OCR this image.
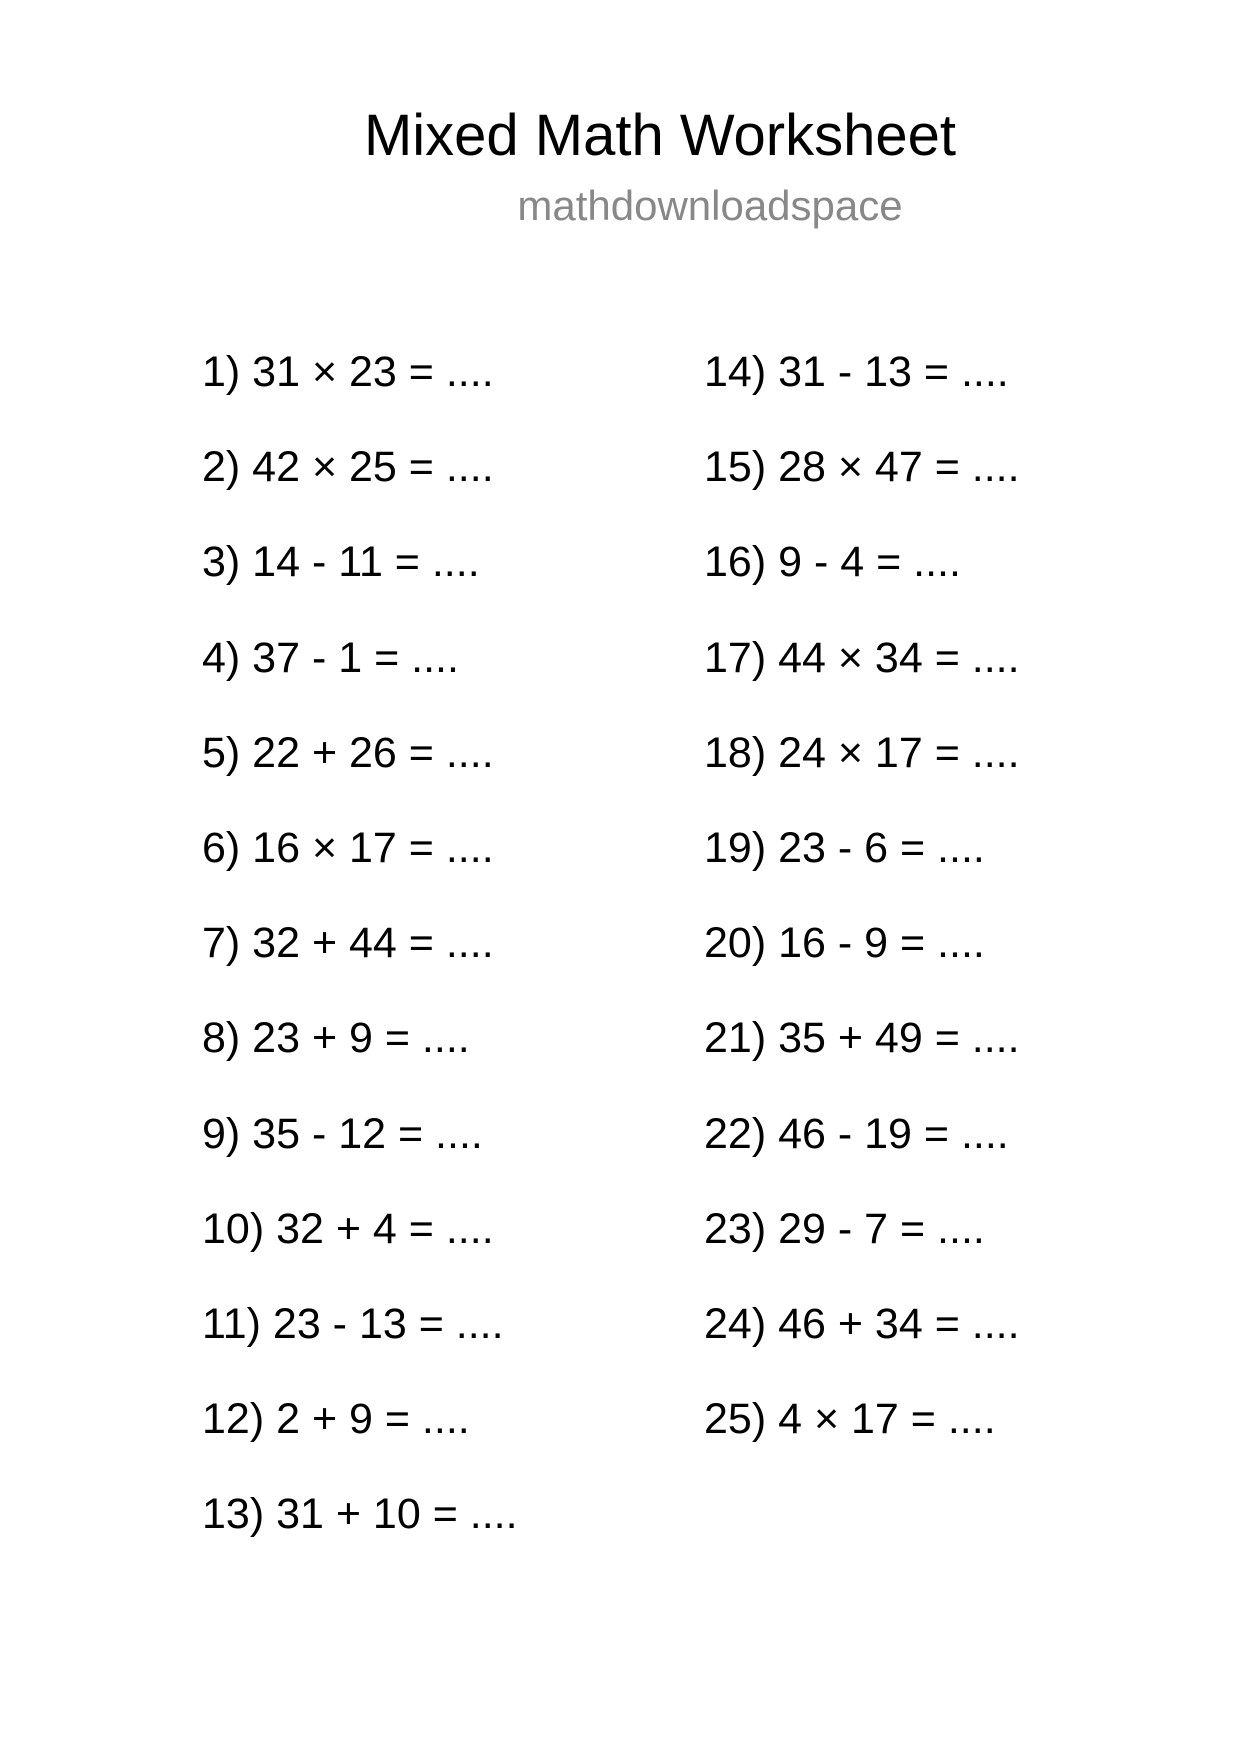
Mixed Math Worksheet
mathdownloadspace
1) 31 × 23 = ....
2) 42 × 25 = ....
3) 14 - 11 = ....
4) 37 - 1 = ....
5) 22 + 26 = ....
6) 16 × 17 = ....
7) 32 + 44 = ....
8) 23 + 9 = ....
9) 35 - 12 = ....
10) 32 + 4 = ....
11) 23 - 13 = ....
12) 2 + 9 = ....
13) 31 + 10 = ....
14) 31 - 13 = ....
15) 28 × 47 = ....
16) 9 - 4 = ....
17) 44 × 34 = ....
18) 24 × 17 = ....
19) 23 - 6 = ....
20) 16 - 9 = ....
21) 35 + 49 = ....
22) 46 - 19 = ....
23) 29 - 7 = ....
24) 46 + 34 = ....
25) 4 × 17 = ....
